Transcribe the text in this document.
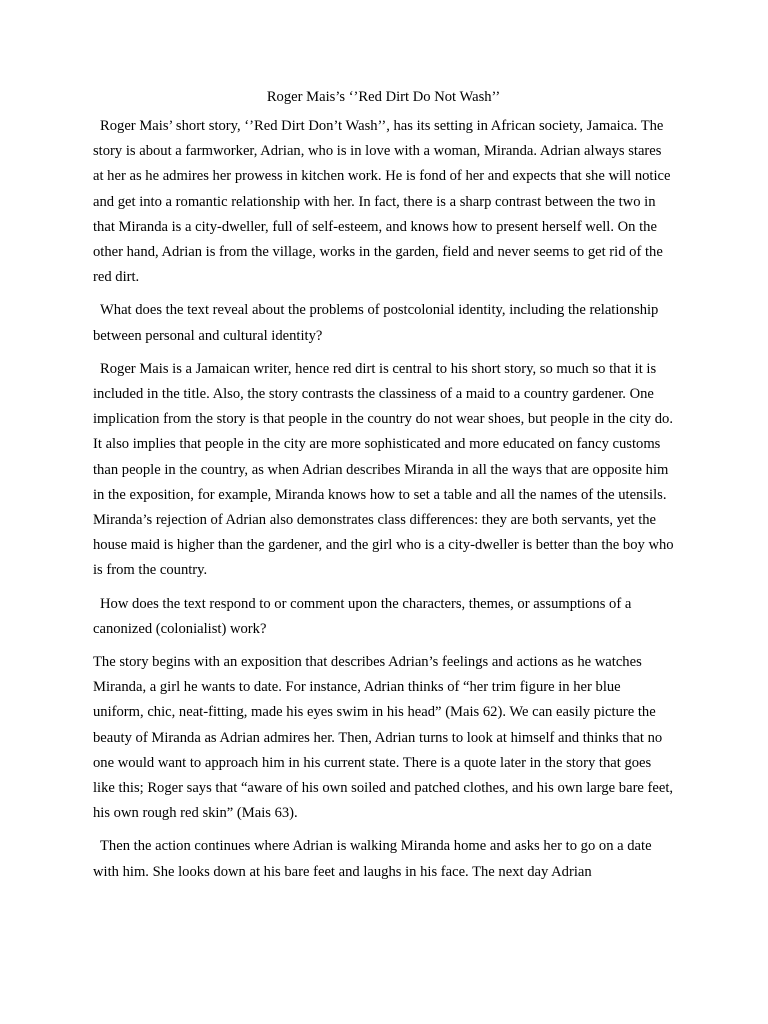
Roger Mais’s ‘’Red Dirt Do Not Wash’’

Roger Mais’ short story, ‘’Red Dirt Don’t Wash’’, has its setting in African society, Jamaica. The story is about a farmworker, Adrian, who is in love with a woman, Miranda. Adrian always stares at her as he admires her prowess in kitchen work. He is fond of her and expects that she will notice and get into a romantic relationship with her. In fact, there is a sharp contrast between the two in that Miranda is a city-dweller, full of self-esteem, and knows how to present herself well. On the other hand, Adrian is from the village, works in the garden, field and never seems to get rid of the red dirt.

What does the text reveal about the problems of postcolonial identity, including the relationship between personal and cultural identity?

Roger Mais is a Jamaican writer, hence red dirt is central to his short story, so much so that it is included in the title. Also, the story contrasts the classiness of a maid to a country gardener. One implication from the story is that people in the country do not wear shoes, but people in the city do. It also implies that people in the city are more sophisticated and more educated on fancy customs than people in the country, as when Adrian describes Miranda in all the ways that are opposite him in the exposition, for example, Miranda knows how to set a table and all the names of the utensils. Miranda’s rejection of Adrian also demonstrates class differences: they are both servants, yet the house maid is higher than the gardener, and the girl who is a city-dweller is better than the boy who is from the country.

How does the text respond to or comment upon the characters, themes, or assumptions of a canonized (colonialist) work?

The story begins with an exposition that describes Adrian’s feelings and actions as he watches Miranda, a girl he wants to date. For instance, Adrian thinks of “her trim figure in her blue uniform, chic, neat-fitting, made his eyes swim in his head” (Mais 62). We can easily picture the beauty of Miranda as Adrian admires her. Then, Adrian turns to look at himself and thinks that no one would want to approach him in his current state. There is a quote later in the story that goes like this; Roger says that “aware of his own soiled and patched clothes, and his own large bare feet, his own rough red skin” (Mais 63).

Then the action continues where Adrian is walking Miranda home and asks her to go on a date with him. She looks down at his bare feet and laughs in his face. The next day Adrian
